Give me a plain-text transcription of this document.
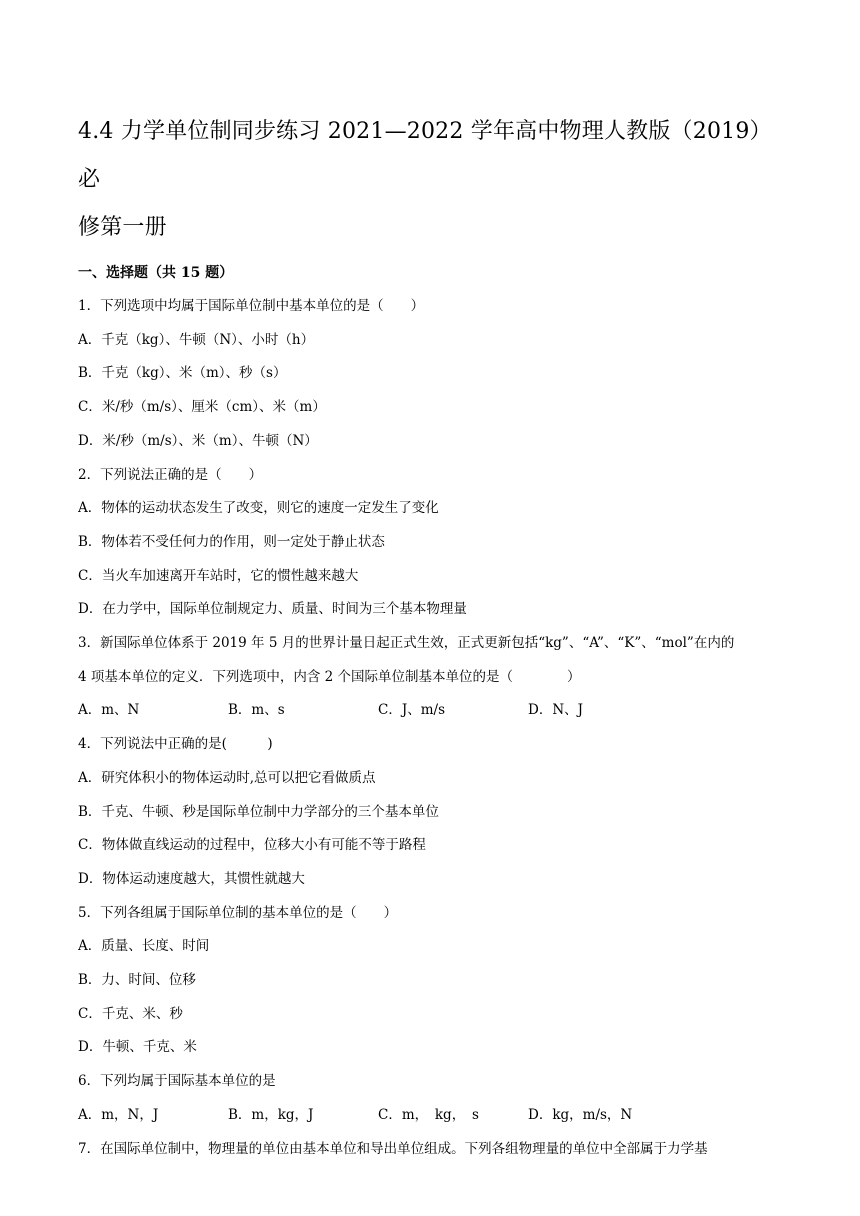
4.4 力学单位制同步练习 2021—2022 学年高中物理人教版（2019）必
修第一册
一、选择题（共 15 题）
1．下列选项中均属于国际单位制中基本单位的是（　　）
A．千克（kg）、牛顿（N）、小时（h）
B．千克（kg）、米（m）、秒（s）
C．米/秒（m/s）、厘米（cm）、米（m）
D．米/秒（m/s）、米（m）、牛顿（N）
2．下列说法正确的是（　　）
A．物体的运动状态发生了改变，则它的速度一定发生了变化
B．物体若不受任何力的作用，则一定处于静止状态
C．当火车加速离开车站时，它的惯性越来越大
D．在力学中，国际单位制规定力、质量、时间为三个基本物理量
3．新国际单位体系于 2019 年 5 月的世界计量日起正式生效，正式更新包括“kg”、“A”、“K”、“mol”在内的
4 项基本单位的定义．下列选项中，内含 2 个国际单位制基本单位的是（　　　　）
A．m、N	B．m、s	C．J、m/s	D．N、J
4．下列说法中正确的是(　　　)
A．研究体积小的物体运动时,总可以把它看做质点
B．千克、牛顿、秒是国际单位制中力学部分的三个基本单位
C．物体做直线运动的过程中，位移大小有可能不等于路程
D．物体运动速度越大，其惯性就越大
5．下列各组属于国际单位制的基本单位的是（　　）
A．质量、长度、时间
B．力、时间、位移
C．千克、米、秒
D．牛顿、千克、米
6．下列均属于国际基本单位的是
A．m，N，J	B．m，kg，J	C．m，　kg，　s	D．kg，m/s，N
7．在国际单位制中，物理量的单位由基本单位和导出单位组成。下列各组物理量的单位中全部属于力学基
